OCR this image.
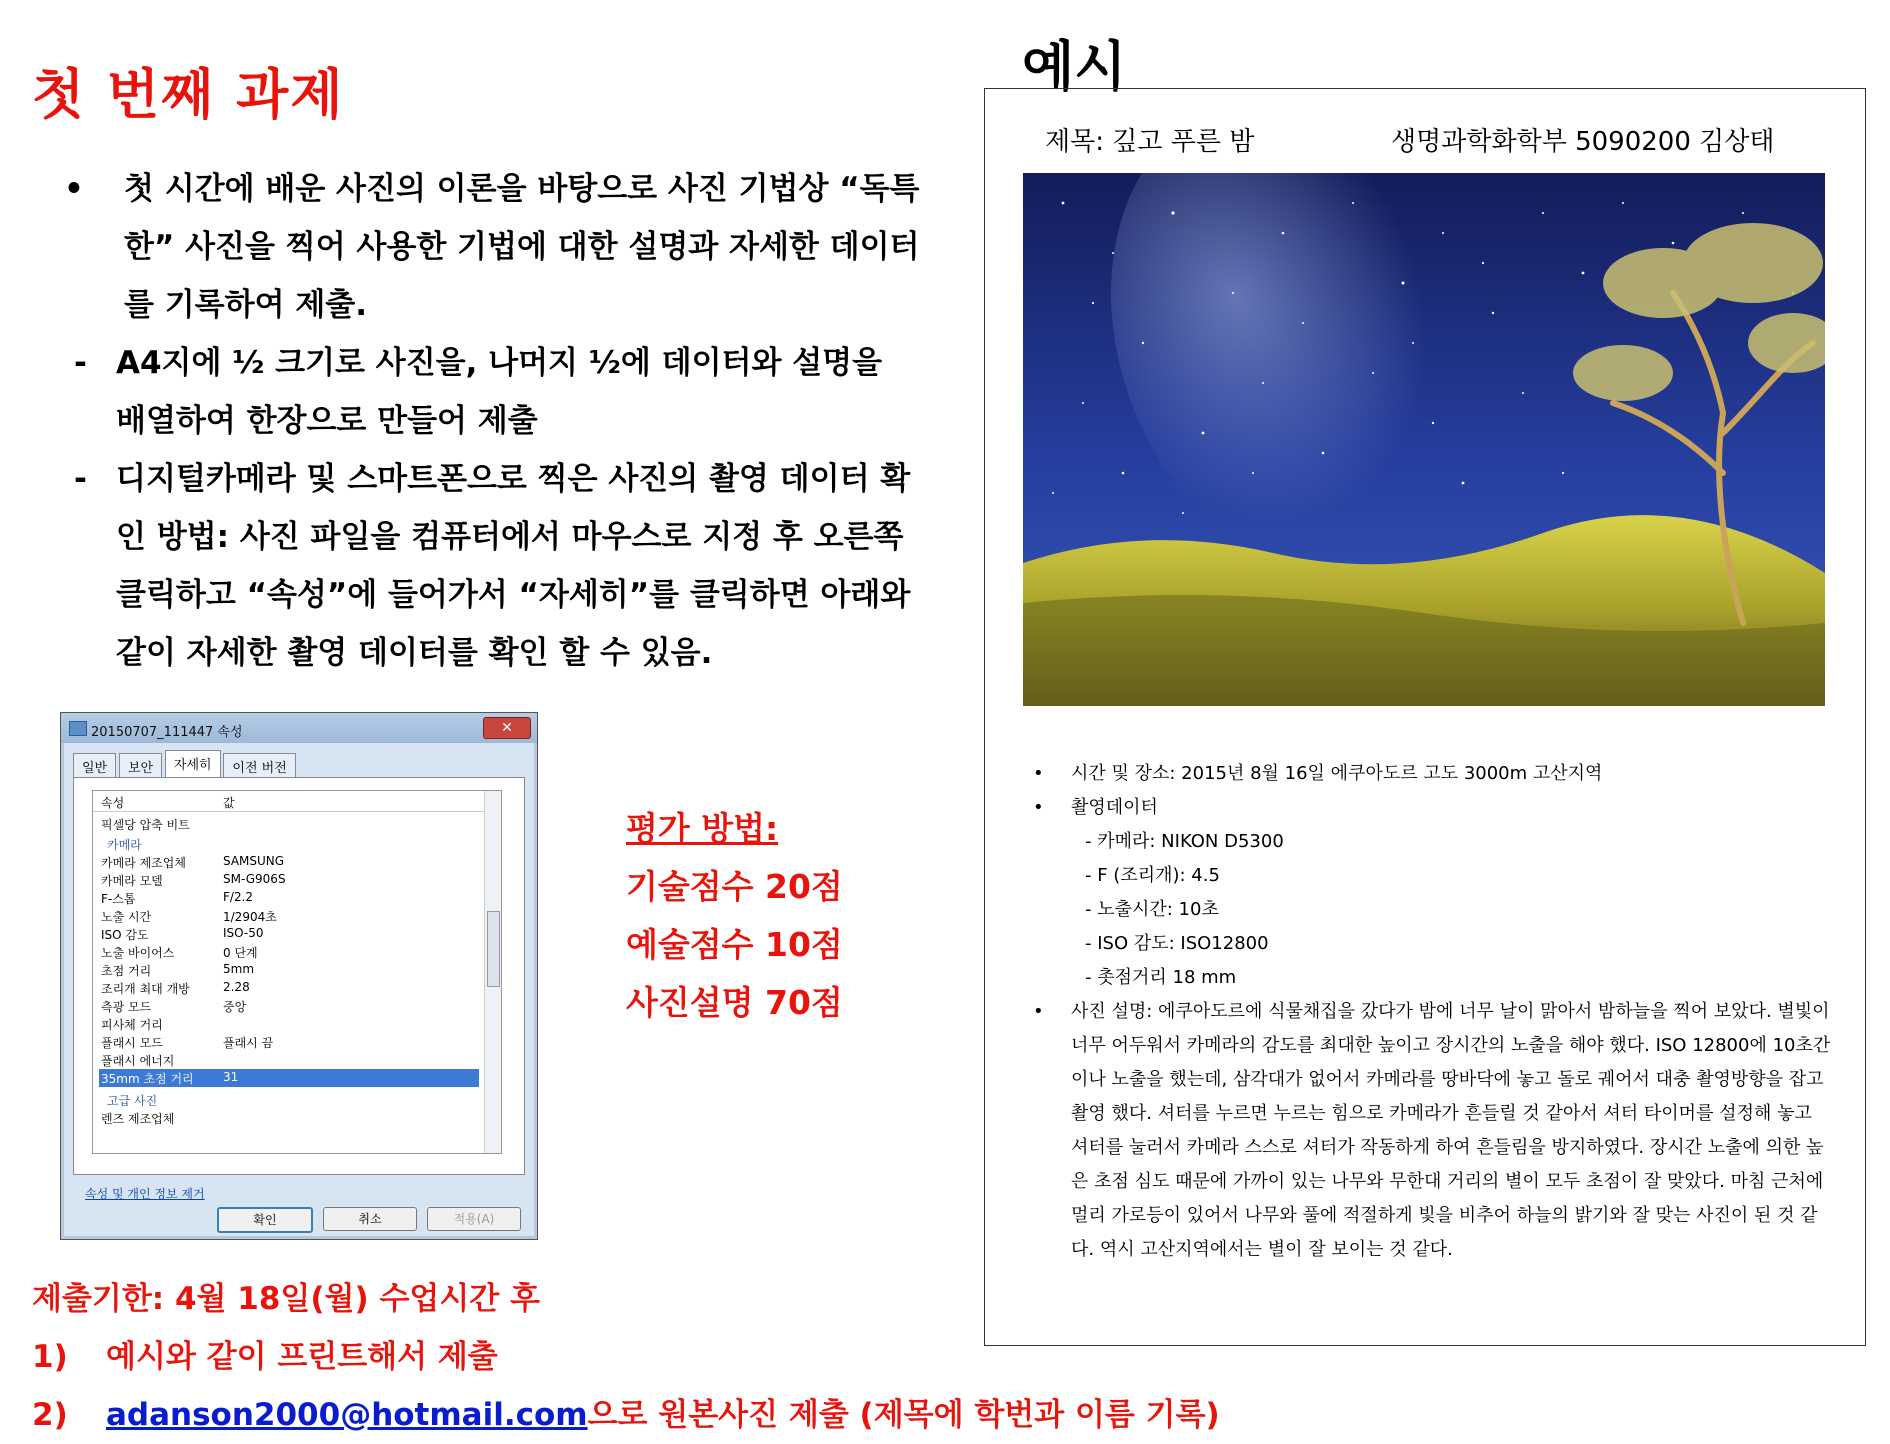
첫 번째 과제
• 첫 시간에 배운 사진의 이론을 바탕으로 사진 기법상 “독특한” 사진을 찍어 사용한 기법에 대한 설명과 자세한 데이터를 기록하여 제출.
- A4지에 ½ 크기로 사진을, 나머지 ½에 데이터와 설명을 배열하여 한장으로 만들어 제출
- 디지털카메라 및 스마트폰으로 찍은 사진의 촬영 데이터 확인 방법: 사진 파일을 컴퓨터에서 마우스로 지정 후 오른쪽 클릭하고 “속성”에 들어가서 “자세히”를 클릭하면 아래와 같이 자세한 촬영 데이터를 확인 할 수 있음.
20150707_111447 속성	✕
일반 보안 자세히 이전 버전
속성	값
픽셀당 압축 비트
카메라
카메라 제조업체	SAMSUNG
카메라 모델	SM-G906S
F-스톱	F/2.2
노출 시간	1/2904초
ISO 감도	ISO-50
노출 바이어스	0 단계
초점 거리	5mm
조리개 최대 개방	2.28
측광 모드	중앙
피사체 거리
플래시 모드	플래시 끔
플래시 에너지
35mm 초점 거리 31
고급 사진
렌즈 제조업체
속성 및 개인 정보 제거
확인	취소	적용(A)
평가 방법:
기술점수 20점
예술점수 10점
사진설명 70점
제출기한: 4월 18일(월) 수업시간 후
1) 예시와 같이 프린트해서 제출
2) adanson2000@hotmail.com으로 원본사진 제출 (제목에 학번과 이름 기록)
예시
제목: 깊고 푸른 밤	생명과학화학부 5090200 김상태
• 시간 및 장소: 2015년 8월 16일 에쿠아도르 고도 3000m 고산지역
• 촬영데이터
- 카메라: NIKON D5300
- F (조리개): 4.5
- 노출시간: 10초
- ISO 감도: ISO12800
- 촛점거리 18 mm
• 사진 설명: 에쿠아도르에 식물채집을 갔다가 밤에 너무 날이 맑아서 밤하늘을 찍어 보았다. 별빛이 너무 어두워서 카메라의 감도를 최대한 높이고 장시간의 노출을 해야 했다. ISO 12800에 10초간이나 노출을 했는데, 삼각대가 없어서 카메라를 땅바닥에 놓고 돌로 궤어서 대충 촬영방향을 잡고 촬영 했다. 셔터를 누르면 누르는 힘으로 카메라가 흔들릴 것 같아서 셔터 타이머를 설정해 놓고 셔터를 눌러서 카메라 스스로 셔터가 작동하게 하여 흔들림을 방지하였다. 장시간 노출에 의한 높은 초점 심도 때문에 가까이 있는 나무와 무한대 거리의 별이 모두 초점이 잘 맞았다. 마침 근처에 멀리 가로등이 있어서 나무와 풀에 적절하게 빛을 비추어 하늘의 밝기와 잘 맞는 사진이 된 것 같다. 역시 고산지역에서는 별이 잘 보이는 것 같다.
